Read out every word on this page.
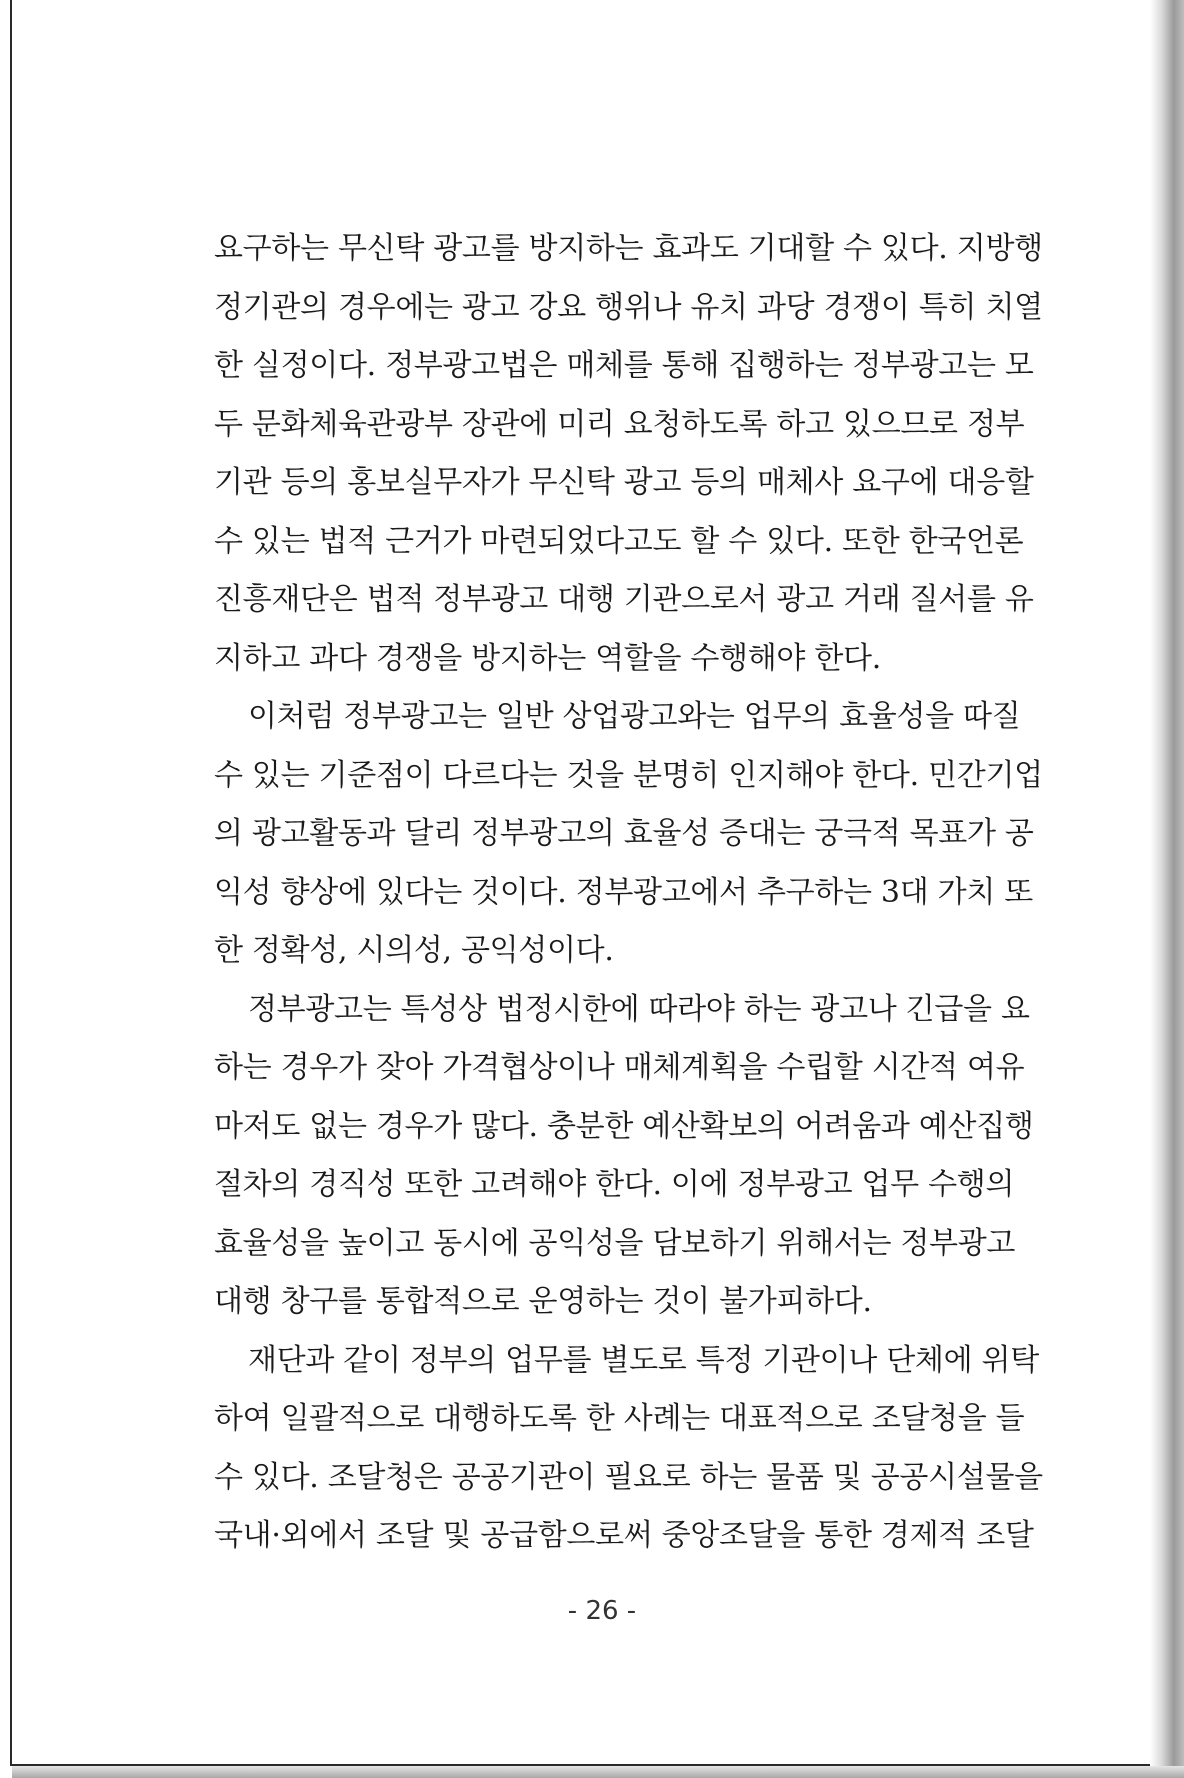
요구하는 무신탁 광고를 방지하는 효과도 기대할 수 있다. 지방행
정기관의 경우에는 광고 강요 행위나 유치 과당 경쟁이 특히 치열
한 실정이다. 정부광고법은 매체를 통해 집행하는 정부광고는 모
두 문화체육관광부 장관에 미리 요청하도록 하고 있으므로 정부
기관 등의 홍보실무자가 무신탁 광고 등의 매체사 요구에 대응할
수 있는 법적 근거가 마련되었다고도 할 수 있다. 또한 한국언론
진흥재단은 법적 정부광고 대행 기관으로서 광고 거래 질서를 유
지하고 과다 경쟁을 방지하는 역할을 수행해야 한다.
이처럼 정부광고는 일반 상업광고와는 업무의 효율성을 따질
수 있는 기준점이 다르다는 것을 분명히 인지해야 한다. 민간기업
의 광고활동과 달리 정부광고의 효율성 증대는 궁극적 목표가 공
익성 향상에 있다는 것이다. 정부광고에서 추구하는 3대 가치 또
한 정확성, 시의성, 공익성이다.
정부광고는 특성상 법정시한에 따라야 하는 광고나 긴급을 요
하는 경우가 잦아 가격협상이나 매체계획을 수립할 시간적 여유
마저도 없는 경우가 많다. 충분한 예산확보의 어려움과 예산집행
절차의 경직성 또한 고려해야 한다. 이에 정부광고 업무 수행의
효율성을 높이고 동시에 공익성을 담보하기 위해서는 정부광고
대행 창구를 통합적으로 운영하는 것이 불가피하다.
재단과 같이 정부의 업무를 별도로 특정 기관이나 단체에 위탁
하여 일괄적으로 대행하도록 한 사례는 대표적으로 조달청을 들
수 있다. 조달청은 공공기관이 필요로 하는 물품 및 공공시설물을
국내·외에서 조달 및 공급함으로써 중앙조달을 통한 경제적 조달
- 26 -
